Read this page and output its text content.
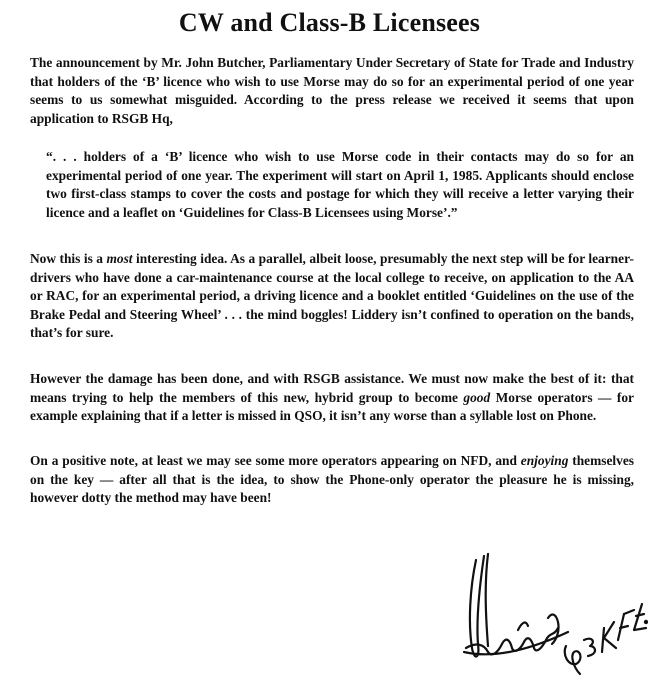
CW and Class-B Licensees

The announcement by Mr. John Butcher, Parliamentary Under Secretary of State for Trade and Industry that holders of the ‘B’ licence who wish to use Morse may do so for an experimental period of one year seems to us somewhat misguided. According to the press release we received it seems that upon application to RSGB Hq,

“. . . holders of a ‘B’ licence who wish to use Morse code in their contacts may do so for an experimental period of one year. The experiment will start on April 1, 1985. Applicants should enclose two first-class stamps to cover the costs and postage for which they will receive a letter varying their licence and a leaflet on ‘Guidelines for Class-B Licensees using Morse’.”

Now this is a most interesting idea. As a parallel, albeit loose, presumably the next step will be for learner-drivers who have done a car-maintenance course at the local college to receive, on application to the AA or RAC, for an experimental period, a driving licence and a booklet entitled ‘Guidelines on the use of the Brake Pedal and Steering Wheel’ . . . the mind boggles! Liddery isn’t confined to operation on the bands, that’s for sure.

However the damage has been done, and with RSGB assistance. We must now make the best of it: that means trying to help the members of this new, hybrid group to become good Morse operators — for example explaining that if a letter is missed in QSO, it isn’t any worse than a syllable lost on Phone.

On a positive note, at least we may see some more operators appearing on NFD, and enjoying themselves on the key — after all that is the idea, to show the Phone-only operator the pleasure he is missing, however dotty the method may have been!
